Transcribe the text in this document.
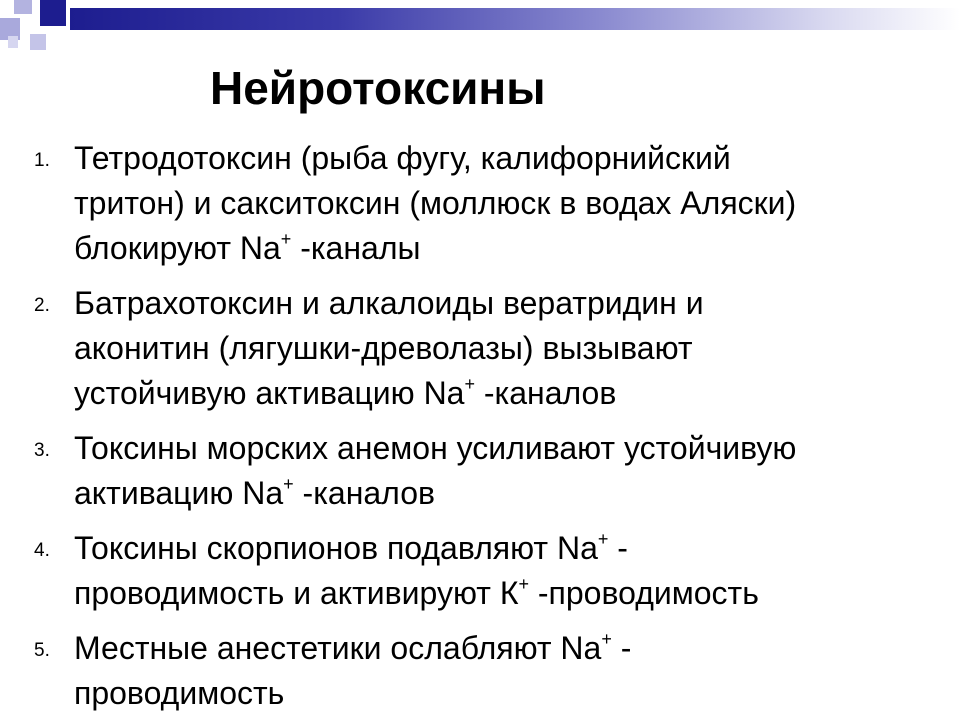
Нейротоксины
1. Тетродотоксин (рыба фугу, калифорнийский
тритон) и сакситоксин (моллюск в водах Аляски)
блокируют Na+ -каналы
2. Батрахотоксин и алкалоиды вератридин и
аконитин (лягушки-древолазы) вызывают
устойчивую активацию Na+ -каналов
3. Токсины морских анемон усиливают устойчивую
активацию Na+ -каналов
4. Токсины скорпионов подавляют Na+ -
проводимость и активируют К+ -проводимость
5. Местные анестетики ослабляют Na+ -
проводимость
